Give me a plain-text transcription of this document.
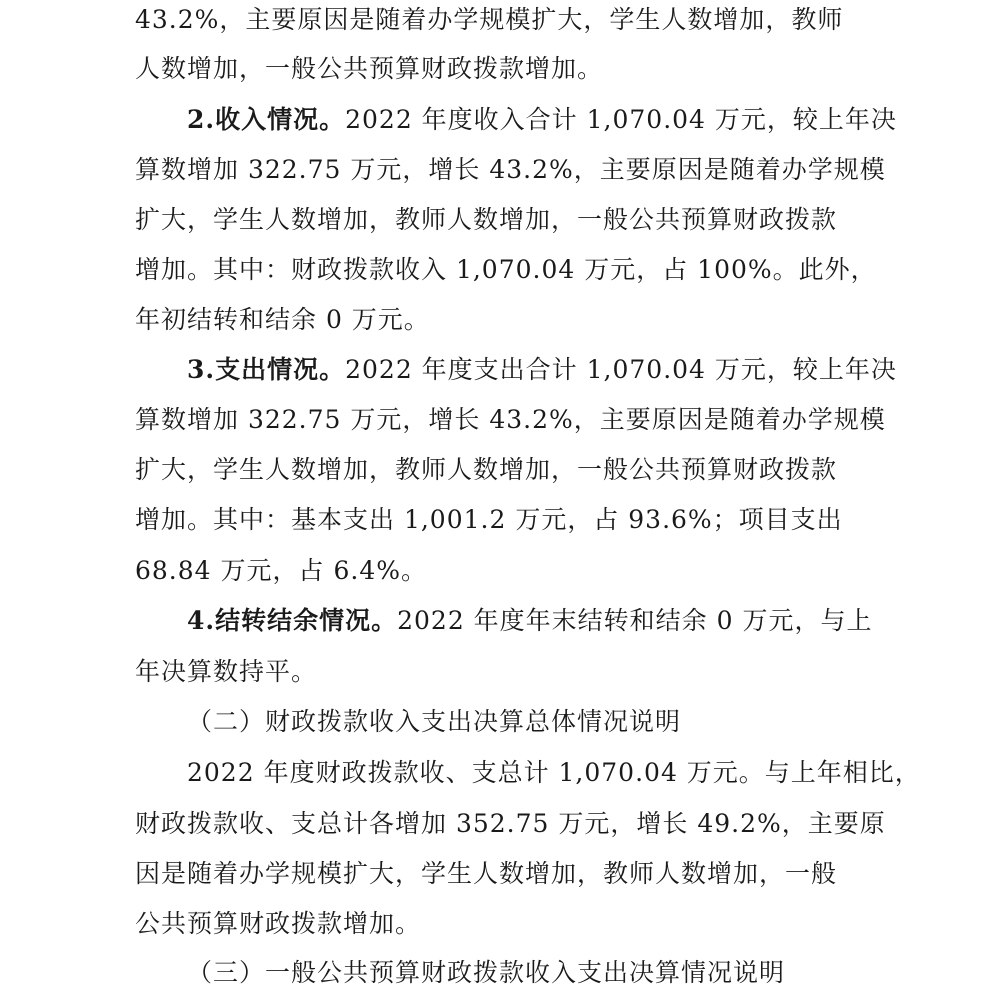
43.2%，主要原因是随着办学规模扩大，学生人数增加，教师
人数增加，一般公共预算财政拨款增加。
2.收入情况。2022 年度收入合计 1,070.04 万元，较上年决
算数增加 322.75 万元，增长 43.2%，主要原因是随着办学规模
扩大，学生人数增加，教师人数增加，一般公共预算财政拨款
增加。其中：财政拨款收入 1,070.04 万元，占 100%。此外，
年初结转和结余 0 万元。
3.支出情况。2022 年度支出合计 1,070.04 万元，较上年决
算数增加 322.75 万元，增长 43.2%，主要原因是随着办学规模
扩大，学生人数增加，教师人数增加，一般公共预算财政拨款
增加。其中：基本支出 1,001.2 万元，占 93.6%；项目支出
68.84 万元，占 6.4%。
4.结转结余情况。2022 年度年末结转和结余 0 万元，与上
年决算数持平。
（二）财政拨款收入支出决算总体情况说明
2022 年度财政拨款收、支总计 1,070.04 万元。与上年相比，
财政拨款收、支总计各增加 352.75 万元，增长 49.2%，主要原
因是随着办学规模扩大，学生人数增加，教师人数增加，一般
公共预算财政拨款增加。
（三）一般公共预算财政拨款收入支出决算情况说明
